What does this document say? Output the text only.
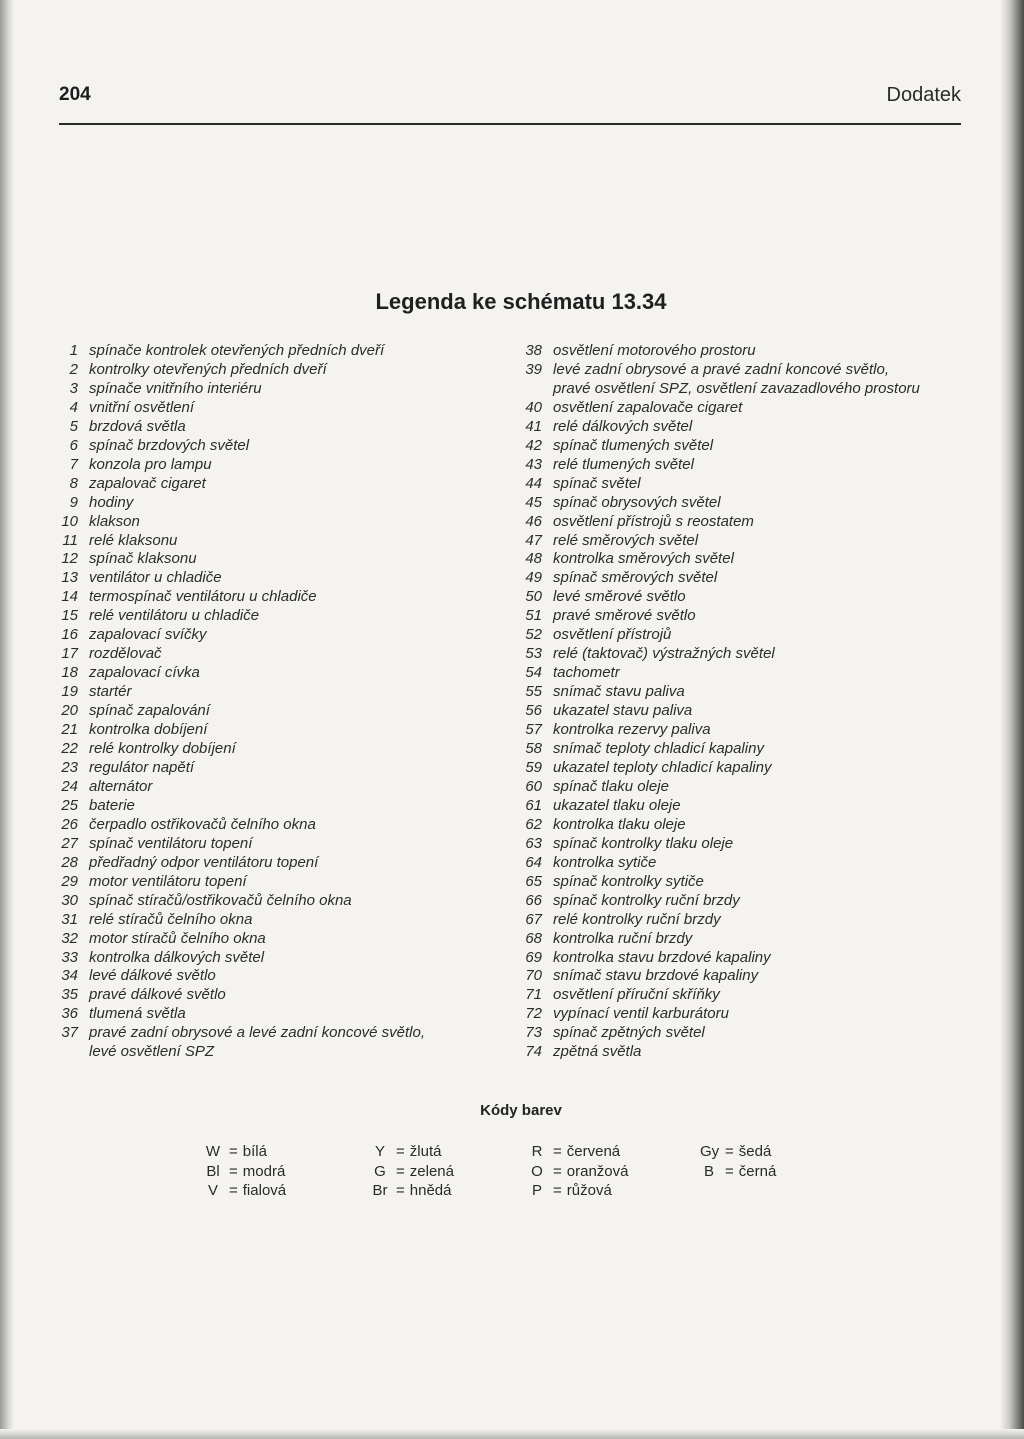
204	Dodatek
Legenda ke schématu 13.34
1 spínače kontrolek otevřených předních dveří
2 kontrolky otevřených předních dveří
3 spínače vnitřního interiéru
4 vnitřní osvětlení
5 brzdová světla
6 spínač brzdových světel
7 konzola pro lampu
8 zapalovač cigaret
9 hodiny
10 klakson
11 relé klaksonu
12 spínač klaksonu
13 ventilátor u chladiče
14 termospínač ventilátoru u chladiče
15 relé ventilátoru u chladiče
16 zapalovací svíčky
17 rozdělovač
18 zapalovací cívka
19 startér
20 spínač zapalování
21 kontrolka dobíjení
22 relé kontrolky dobíjení
23 regulátor napětí
24 alternátor
25 baterie
26 čerpadlo ostřikovačů čelního okna
27 spínač ventilátoru topení
28 předřadný odpor ventilátoru topení
29 motor ventilátoru topení
30 spínač stíračů/ostřikovačů čelního okna
31 relé stíračů čelního okna
32 motor stíračů čelního okna
33 kontrolka dálkových světel
34 levé dálkové světlo
35 pravé dálkové světlo
36 tlumená světla
37 pravé zadní obrysové a levé zadní koncové světlo,
levé osvětlení SPZ
38 osvětlení motorového prostoru
39 levé zadní obrysové a pravé zadní koncové světlo,
pravé osvětlení SPZ, osvětlení zavazadlového prostoru
40 osvětlení zapalovače cigaret
41 relé dálkových světel
42 spínač tlumených světel
43 relé tlumených světel
44 spínač světel
45 spínač obrysových světel
46 osvětlení přístrojů s reostatem
47 relé směrových světel
48 kontrolka směrových světel
49 spínač směrových světel
50 levé směrové světlo
51 pravé směrové světlo
52 osvětlení přístrojů
53 relé (taktovač) výstražných světel
54 tachometr
55 snímač stavu paliva
56 ukazatel stavu paliva
57 kontrolka rezervy paliva
58 snímač teploty chladicí kapaliny
59 ukazatel teploty chladicí kapaliny
60 spínač tlaku oleje
61 ukazatel tlaku oleje
62 kontrolka tlaku oleje
63 spínač kontrolky tlaku oleje
64 kontrolka sytiče
65 spínač kontrolky sytiče
66 spínač kontrolky ruční brzdy
67 relé kontrolky ruční brzdy
68 kontrolka ruční brzdy
69 kontrolka stavu brzdové kapaliny
70 snímač stavu brzdové kapaliny
71 osvětlení příruční skříňky
72 vypínací ventil karburátoru
73 spínač zpětných světel
74 zpětná světla
Kódy barev
W = bílá
Bl = modrá
V = fialová
Y = žlutá
G = zelená
Br = hnědá
R = červená
O = oranžová
P = růžová
Gy = šedá
B = černá
